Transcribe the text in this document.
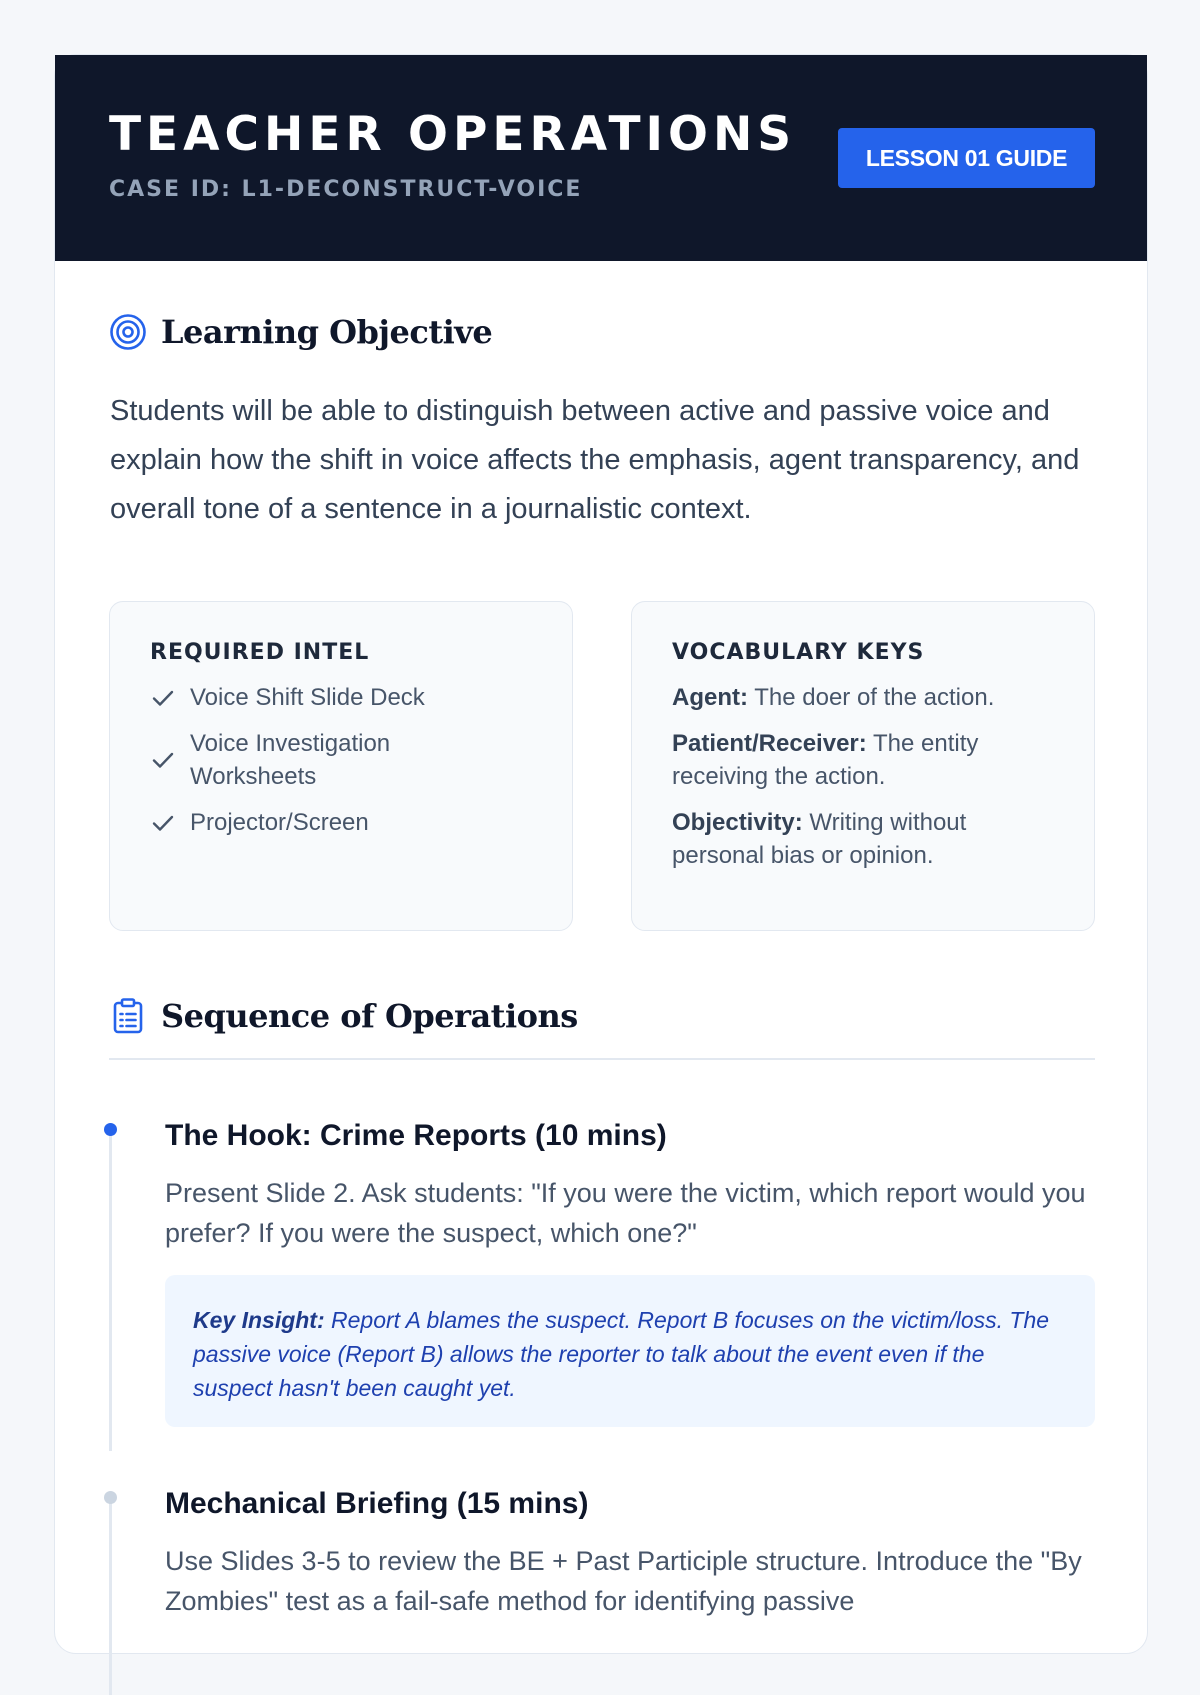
TEACHER OPERATIONS
CASE ID: L1-DECONSTRUCT-VOICE
LESSON 01 GUIDE
Learning Objective

Students will be able to distinguish between active and passive voice and explain how the shift in voice affects the emphasis, agent transparency, and overall tone of a sentence in a journalistic context.

REQUIRED INTEL
Voice Shift Slide Deck
Voice Investigation Worksheets
Projector/Screen
VOCABULARY KEYS
Agent: The doer of the action.
Patient/Receiver: The entity receiving the action.
Objectivity: Writing without personal bias or opinion.
Sequence of Operations
The Hook: Crime Reports (10 mins)
Present Slide 2. Ask students: "If you were the victim, which report would you prefer? If you were the suspect, which one?"
Key Insight: Report A blames the suspect. Report B focuses on the victim/loss. The passive voice (Report B) allows the reporter to talk about the event even if the suspect hasn't been caught yet.
Mechanical Briefing (15 mins)
Use Slides 3-5 to review the BE + Past Participle structure. Introduce the "By Zombies" test as a fail-safe method for identifying passive
